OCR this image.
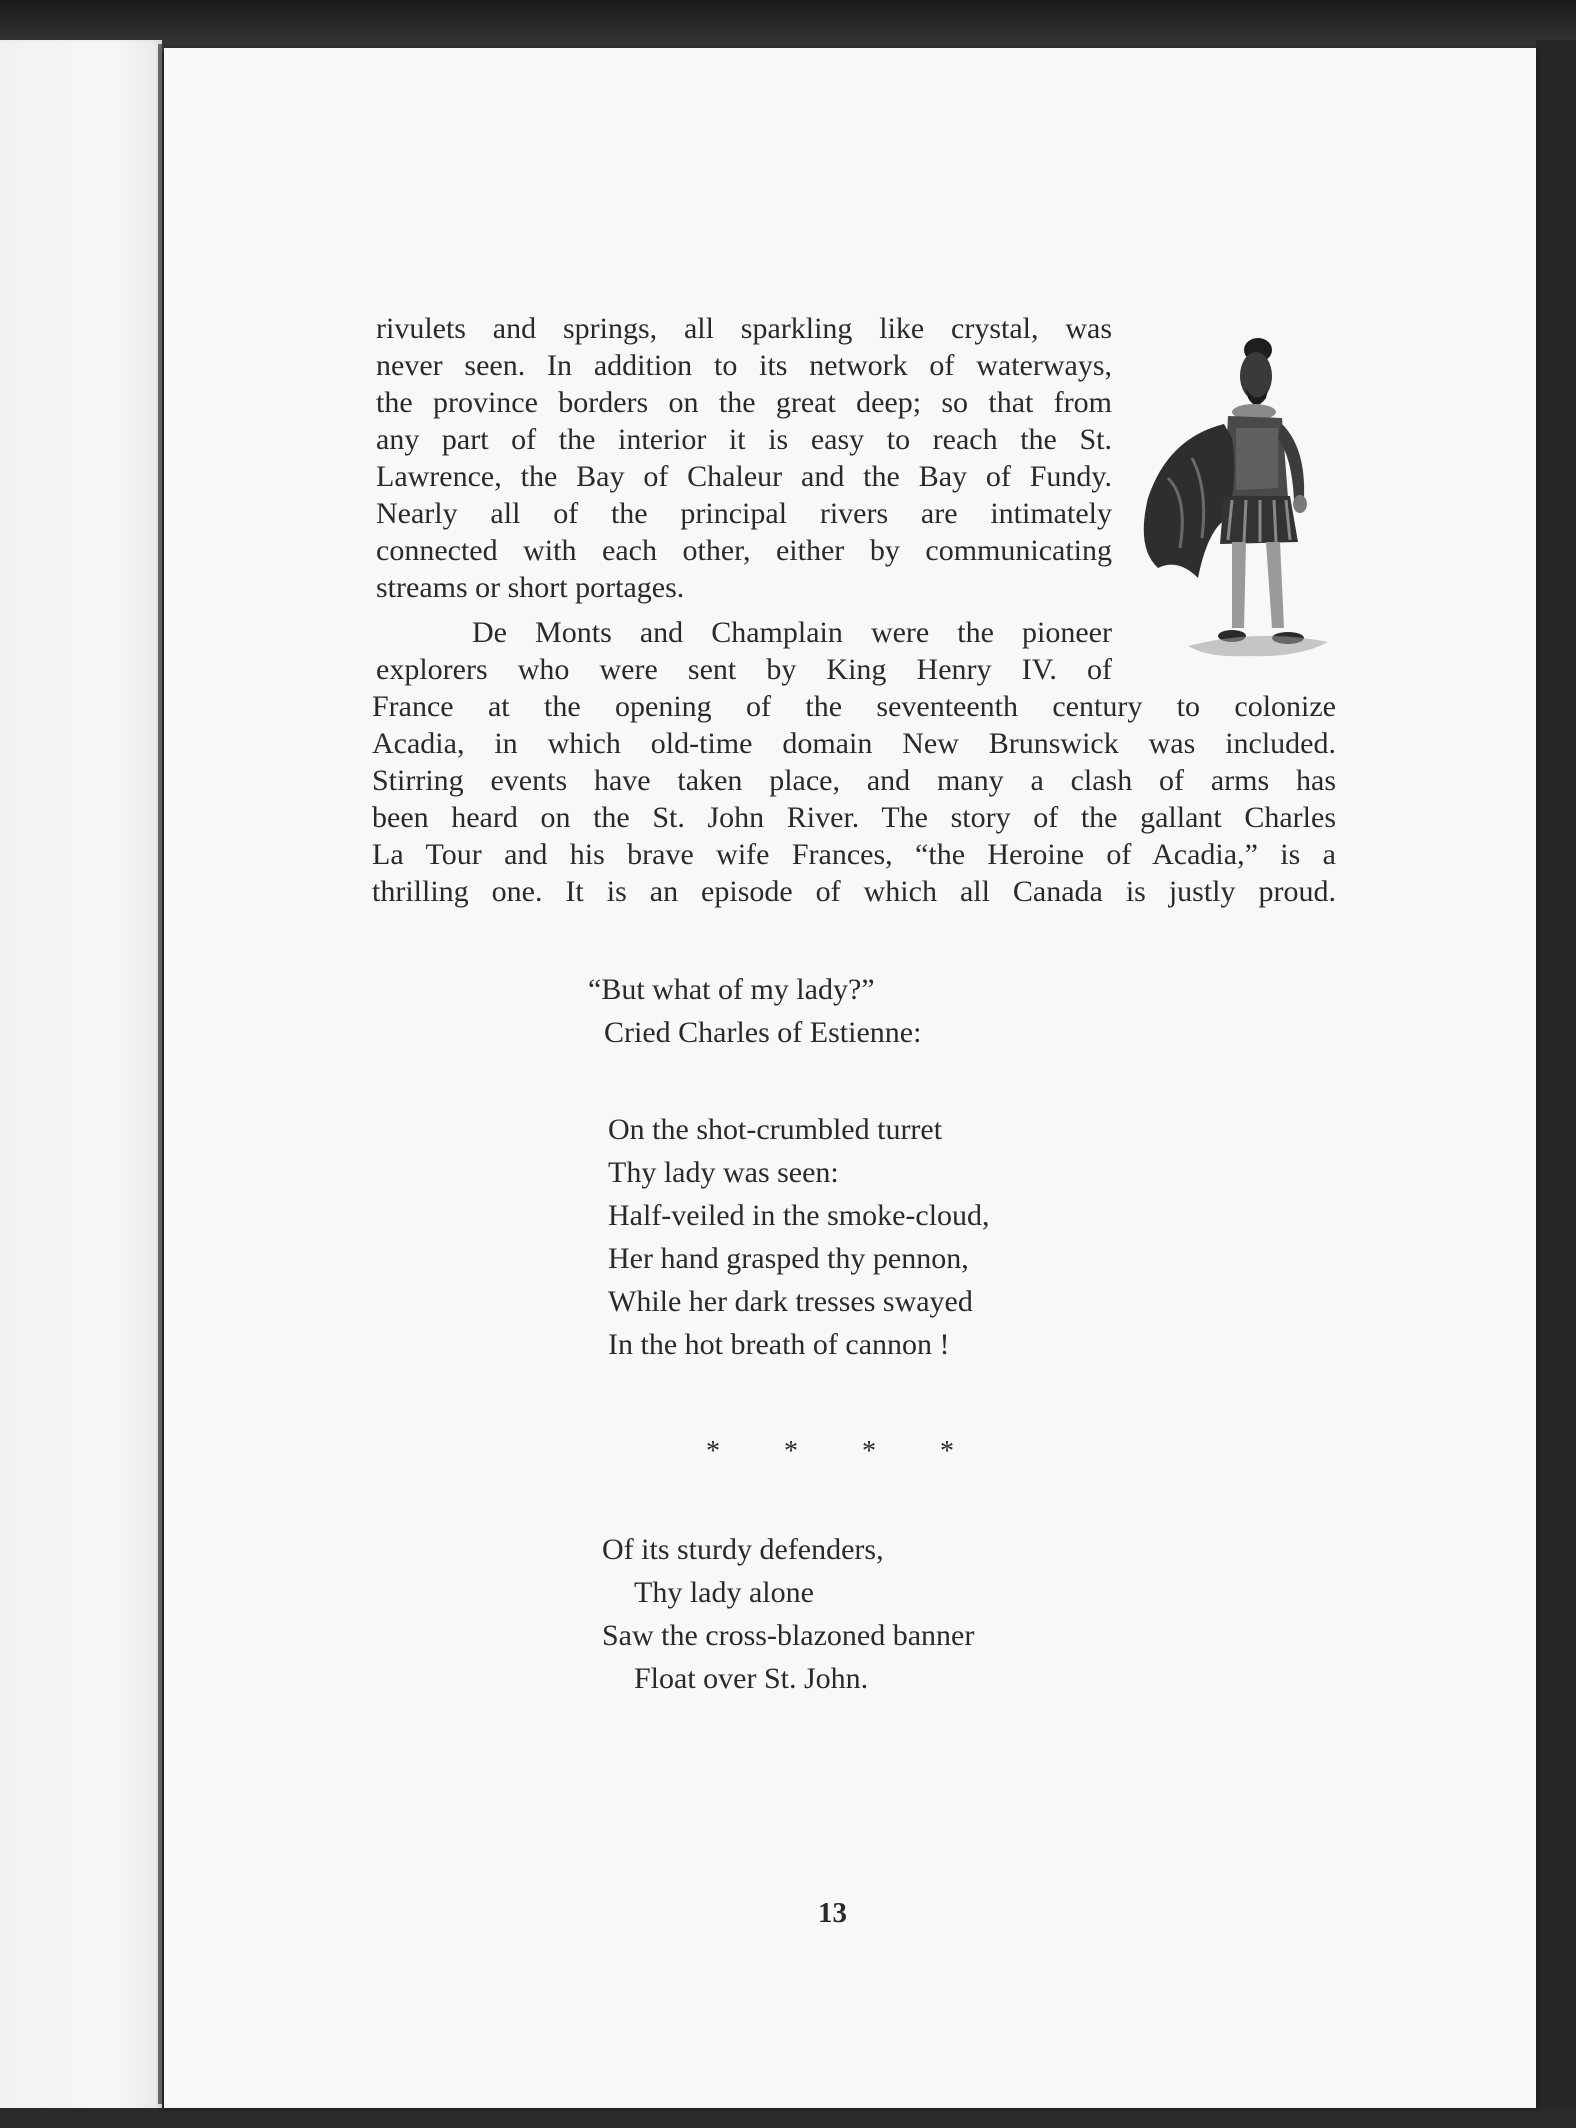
rivulets and springs, all sparkling like crystal, was
never seen. In addition to its network of waterways,
the province borders on the great deep; so that from
any part of the interior it is easy to reach the St.
Lawrence, the Bay of Chaleur and the Bay of Fundy.
Nearly all of the principal rivers are intimately
connected with each other, either by communicating
streams or short portages.
De Monts and Champlain were the pioneer
explorers who were sent by King Henry IV. of
France at the opening of the seventeenth century to colonize
Acadia, in which old-time domain New Brunswick was included.
Stirring events have taken place, and many a clash of arms has
been heard on the St. John River. The story of the gallant Charles
La Tour and his brave wife Frances, “the Heroine of Acadia,” is a
thrilling one. It is an episode of which all Canada is justly proud.
“But what of my lady?”
Cried Charles of Estienne:
On the shot-crumbled turret
Thy lady was seen:
Half-veiled in the smoke-cloud,
Her hand grasped thy pennon,
While her dark tresses swayed
In the hot breath of cannon !
* * * *
Of its sturdy defenders,
Thy lady alone
Saw the cross-blazoned banner
Float over St. John.
13
